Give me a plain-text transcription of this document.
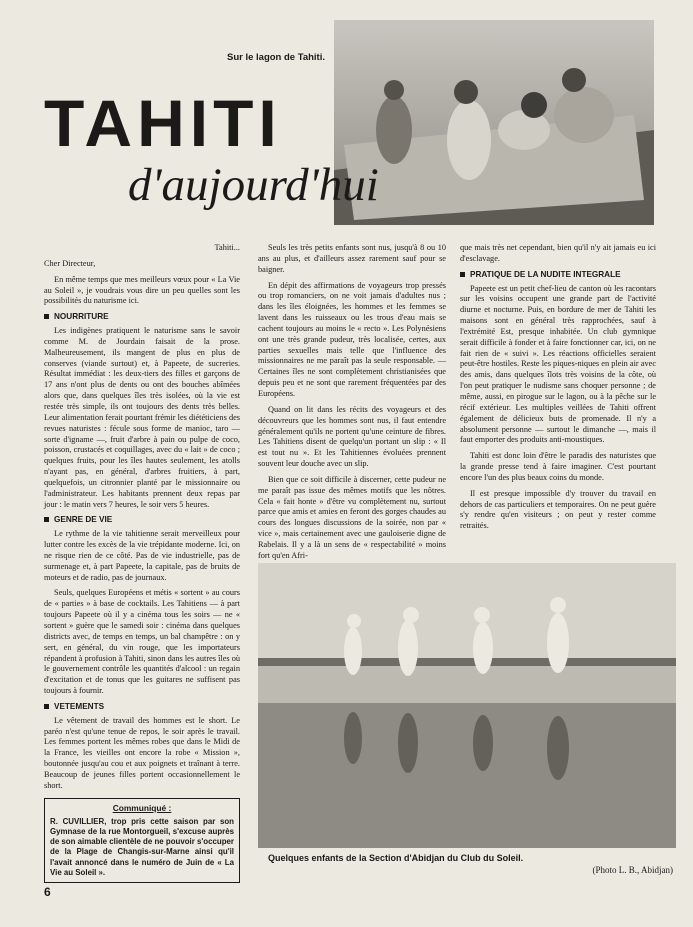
Sur le lagon de Tahiti.
TAHITI
d'aujourd'hui

Tahiti...

Cher Directeur,

En même temps que mes meilleurs vœux pour « La Vie au Soleil », je voudrais vous dire un peu quelles sont les possibilités du naturisme ici.

NOURRITURE

Les indigènes pratiquent le naturisme sans le savoir comme M. de Jourdain faisait de la prose. Malheureusement, ils mangent de plus en plus de conserves (viande surtout) et, à Papeete, de sucreries. Résultat immédiat : les deux-tiers des filles et garçons de 17 ans n'ont plus de dents ou ont des bouches abîmées alors que, dans quelques îles très isolées, où la vie est restée très simple, ils ont toujours des dents très belles. Leur alimentation ferait pourtant frémir les diététiciens des revues naturistes : fécule sous forme de manioc, taro — sorte d'igname —, fruit d'arbre à pain ou pulpe de coco, poisson, crustacés et coquillages, avec du « lait » de coco ; quelques fruits, pour les îles hautes seulement, les atolls n'ayant pas, en général, d'arbres fruitiers, à part, quelquefois, un citronnier planté par le missionnaire ou l'administrateur. Les habitants prennent deux repas par jour : le matin vers 7 heures, le soir vers 5 heures.

GENRE DE VIE

Le rythme de la vie tahitienne serait merveilleux pour lutter contre les excès de la vie trépidante moderne. Ici, on ne risque rien de ce côté. Pas de vie industrielle, pas de surmenage et, à part Papeete, la capitale, pas de bruits de moteurs et de radio, pas de journaux.

Seuls, quelques Européens et métis « sortent » au cours de « parties » à base de cocktails. Les Tahitiens — à part toujours Papeete où il y a cinéma tous les soirs — ne « sortent » guère que le samedi soir : cinéma dans quelques districts avec, de temps en temps, un bal champêtre : on y sert, en général, du vin rouge, que les importateurs répandent à profusion à Tahiti, sinon dans les autres îles où le gouvernement contrôle les quantités d'alcool : un regain d'excitation et de tonus que les guitares ne suffisent pas toujours à fournir.

VETEMENTS

Le vêtement de travail des hommes est le short. Le paréo n'est qu'une tenue de repos, le soir après le travail. Les femmes portent les mêmes robes que dans le Midi de la France, les vieilles ont encore la robe « Mission », boutonnée jusqu'au cou et aux poignets et traînant à terre. Beaucoup de jeunes filles portent occasionnellement le short.

Communiqué :
R. CUVILLIER, trop pris cette saison par son Gymnase de la rue Montorgueil, s'excuse auprès de son aimable clientèle de ne pouvoir s'occuper de la Plage de Changis-sur-Marne ainsi qu'il l'avait annoncé dans le numéro de Juin de « La Vie au Soleil ».

Seuls les très petits enfants sont nus, jusqu'à 8 ou 10 ans au plus, et d'ailleurs assez rarement sauf pour se baigner.

En dépit des affirmations de voyageurs trop pressés ou trop romanciers, on ne voit jamais d'adultes nus ; dans les îles éloignées, les hommes et les femmes se lavent dans les ruisseaux ou les trous d'eau mais se cachent toujours au moins le « recto ». Les Polynésiens ont une très grande pudeur, très localisée, certes, aux parties sexuelles mais telle que l'influence des missionnaires ne me paraît pas la seule responsable. — Certaines îles ne sont complètement christianisées que depuis peu et ne sont que rarement fréquentées par des Européens.

Quand on lit dans les récits des voyageurs et des découvreurs que les hommes sont nus, il faut entendre généralement qu'ils ne portent qu'une ceinture de fibres. Les Tahitiens disent de quelqu'un portant un slip : « Il est tout nu ». Et les Tahitiennes évoluées prennent souvent leur douche avec un slip.

Bien que ce soit difficile à discerner, cette pudeur ne me paraît pas issue des mêmes motifs que les nôtres. Cela « fait honte » d'être vu complètement nu, surtout parce que amis et amies en feront des gorges chaudes au cours des longues discussions de la soirée, non par « vice », mais certainement avec une gauloiserie digne de Rabelais. Il y a là un sens de « respectabilité » moins fort qu'en Afri-

que mais très net cependant, bien qu'il n'y ait jamais eu ici d'esclavage.

PRATIQUE DE LA NUDITE INTEGRALE

Papeete est un petit chef-lieu de canton où les racontars sur les voisins occupent une grande part de l'activité diurne et nocturne. Puis, en bordure de mer de Tahiti les maisons sont en général très rapprochées, sauf à l'extrémité Est, presque inhabitée. Un club gymnique serait difficile à fonder et à faire fonctionner car, ici, on ne fait rien de « suivi ». Les réactions officielles seraient peut-être hostiles. Reste les piques-niques en plein air avec des amis, dans quelques îlots très voisins de la côte, où l'on peut pratiquer le nudisme sans choquer personne ; de même, aussi, en pirogue sur le lagon, ou à la pêche sur le récif extérieur. Les multiples veillées de Tahiti offrent également de délicieux buts de promenade. Il n'y a absolument personne — surtout le dimanche —, mais il faut emporter des produits anti-moustiques.

Tahiti est donc loin d'être le paradis des naturistes que la grande presse tend à faire imaginer. C'est pourtant encore l'un des plus beaux coins du monde.

Il est presque impossible d'y trouver du travail en dehors de cas particuliers et temporaires. On ne peut guère s'y rendre qu'en visiteurs ; on peut y rester comme retraités.

Quelques enfants de la Section d'Abidjan du Club du Soleil.
(Photo L. B., Abidjan)
6
